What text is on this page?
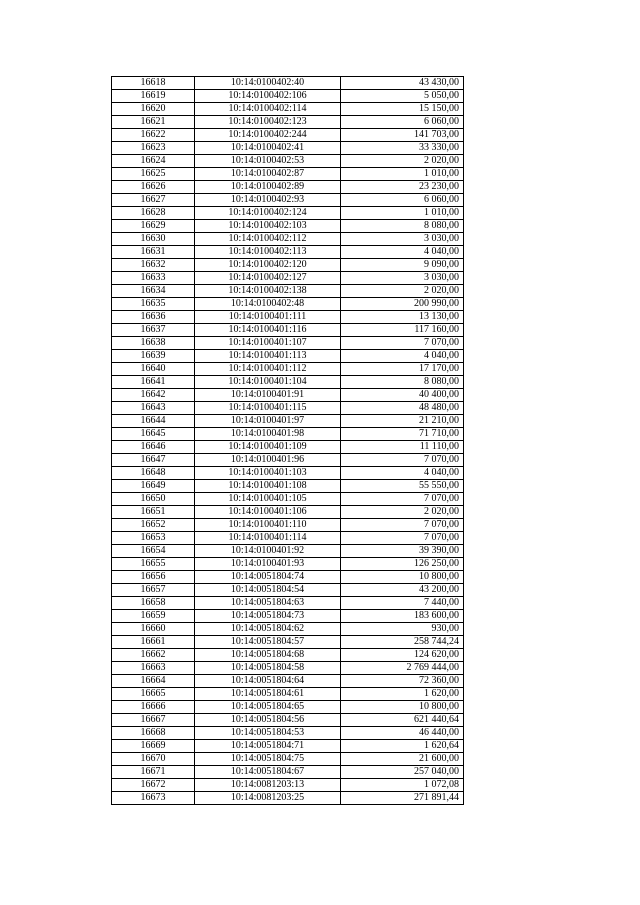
16618	10:14:0100402:40	43 430,00
16619	10:14:0100402:106	5 050,00
16620	10:14:0100402:114	15 150,00
16621	10:14:0100402:123	6 060,00
16622	10:14:0100402:244	141 703,00
16623	10:14:0100402:41	33 330,00
16624	10:14:0100402:53	2 020,00
16625	10:14:0100402:87	1 010,00
16626	10:14:0100402:89	23 230,00
16627	10:14:0100402:93	6 060,00
16628	10:14:0100402:124	1 010,00
16629	10:14:0100402:103	8 080,00
16630	10:14:0100402:112	3 030,00
16631	10:14:0100402:113	4 040,00
16632	10:14:0100402:120	9 090,00
16633	10:14:0100402:127	3 030,00
16634	10:14:0100402:138	2 020,00
16635	10:14:0100402:48	200 990,00
16636	10:14:0100401:111	13 130,00
16637	10:14:0100401:116	117 160,00
16638	10:14:0100401:107	7 070,00
16639	10:14:0100401:113	4 040,00
16640	10:14:0100401:112	17 170,00
16641	10:14:0100401:104	8 080,00
16642	10:14:0100401:91	40 400,00
16643	10:14:0100401:115	48 480,00
16644	10:14:0100401:97	21 210,00
16645	10:14:0100401:98	71 710,00
16646	10:14:0100401:109	11 110,00
16647	10:14:0100401:96	7 070,00
16648	10:14:0100401:103	4 040,00
16649	10:14:0100401:108	55 550,00
16650	10:14:0100401:105	7 070,00
16651	10:14:0100401:106	2 020,00
16652	10:14:0100401:110	7 070,00
16653	10:14:0100401:114	7 070,00
16654	10:14:0100401:92	39 390,00
16655	10:14:0100401:93	126 250,00
16656	10:14:0051804:74	10 800,00
16657	10:14:0051804:54	43 200,00
16658	10:14:0051804:63	7 440,00
16659	10:14:0051804:73	183 600,00
16660	10:14:0051804:62	930,00
16661	10:14:0051804:57	258 744,24
16662	10:14:0051804:68	124 620,00
16663	10:14:0051804:58	2 769 444,00
16664	10:14:0051804:64	72 360,00
16665	10:14:0051804:61	1 620,00
16666	10:14:0051804:65	10 800,00
16667	10:14:0051804:56	621 440,64
16668	10:14:0051804:53	46 440,00
16669	10:14:0051804:71	1 620,64
16670	10:14:0051804:75	21 600,00
16671	10:14:0051804:67	257 040,00
16672	10:14:0081203:13	1 072,08
16673	10:14:0081203:25	271 891,44
